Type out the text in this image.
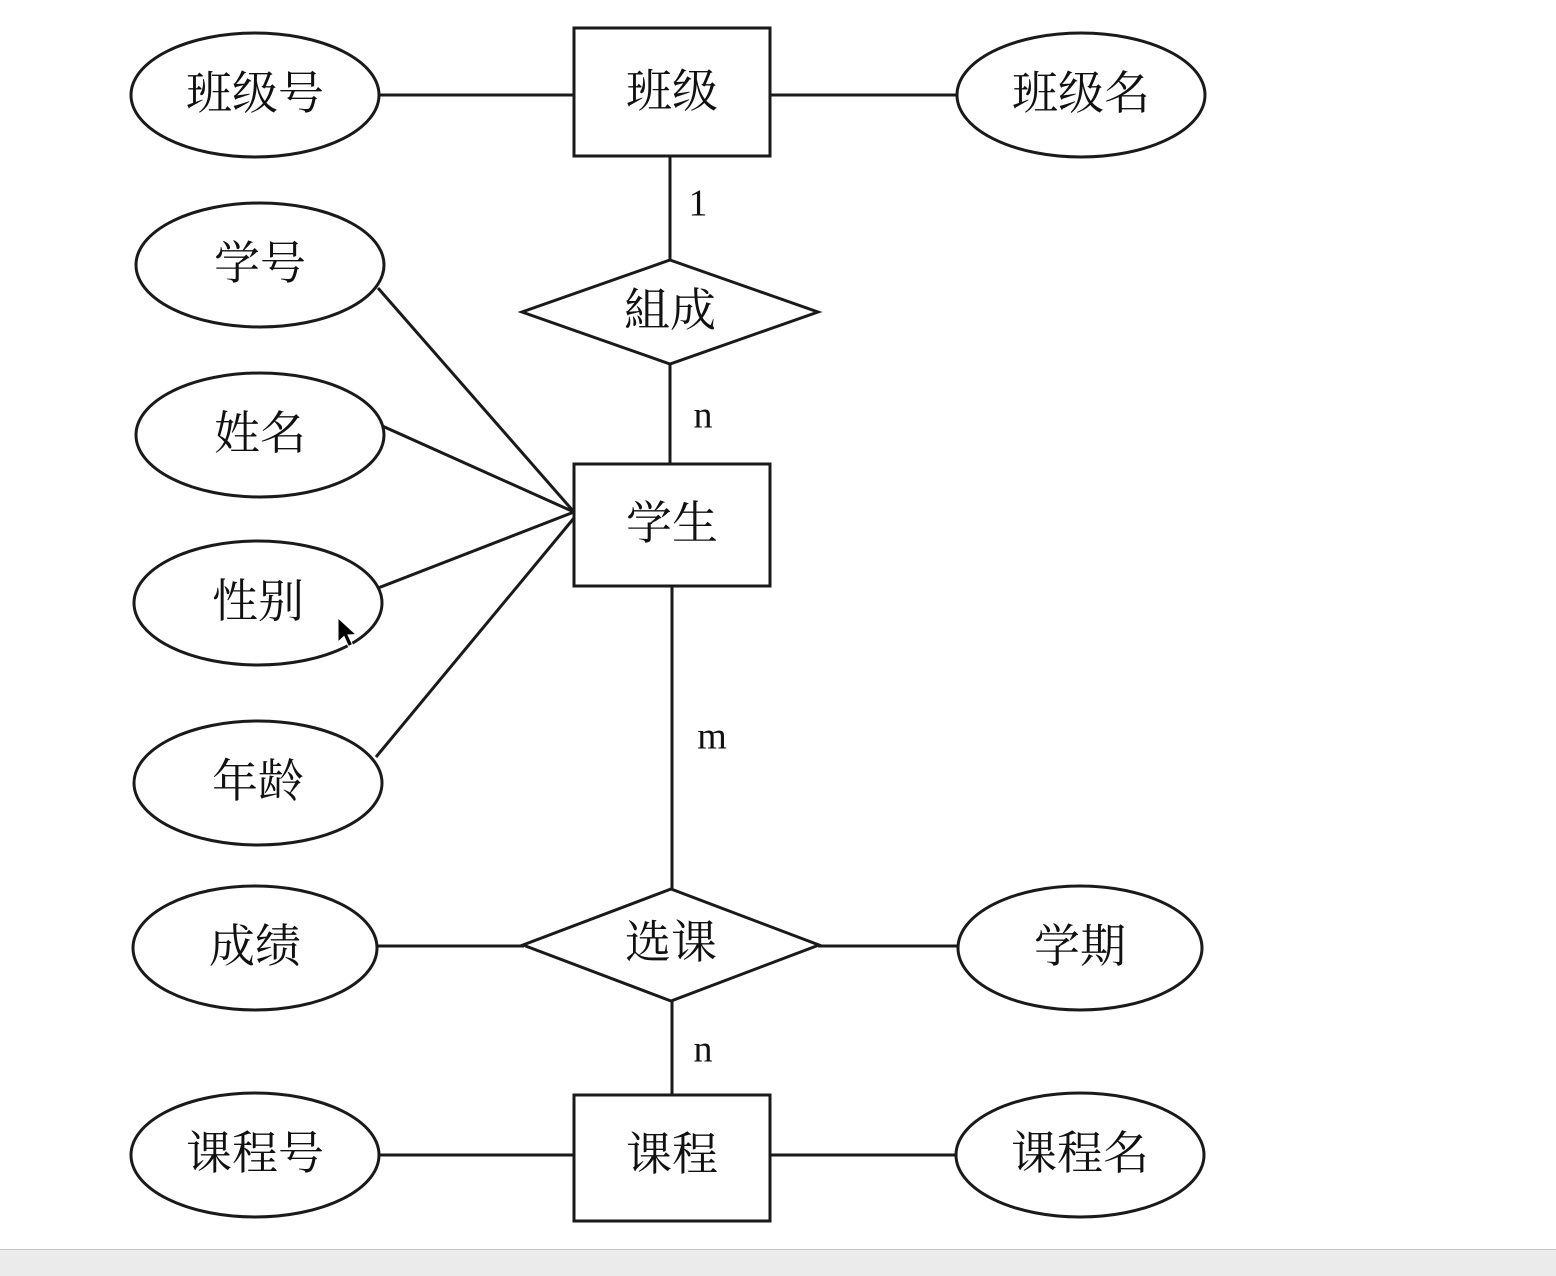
班级
学生
课程
組成
选课
班级号	班级名
学号
姓名
性别
年龄
成绩	学期
课程号	课程名
1
n
m
n
